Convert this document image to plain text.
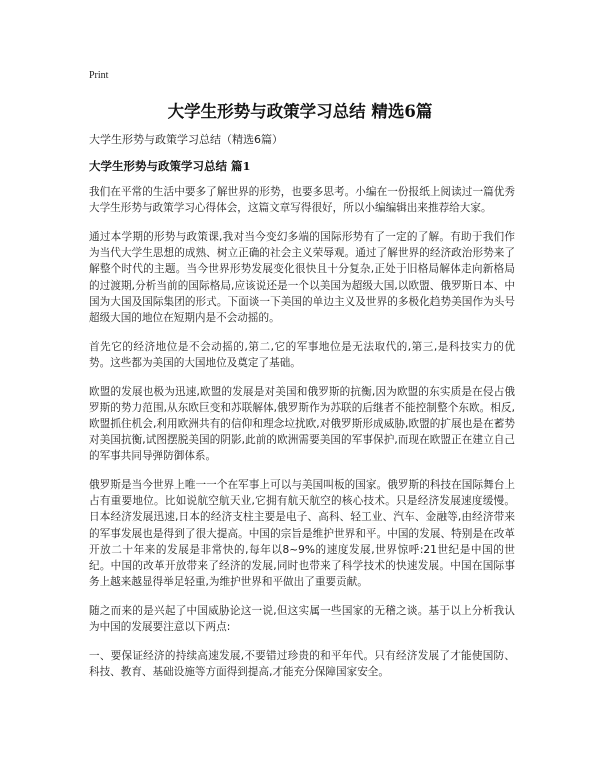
Print
大学生形势与政策学习总结 精选6篇
大学生形势与政策学习总结（精选6篇）
大学生形势与政策学习总结 篇1

我们在平常的生活中要多了解世界的形势，也要多思考。小编在一份报纸上阅读过一篇优秀大学生形势与政策学习心得体会，这篇文章写得很好，所以小编编辑出来推荐给大家。

通过本学期的形势与政策课,我对当今变幻多端的国际形势有了一定的了解。有助于我们作为当代大学生思想的成熟、树立正确的社会主义荣辱观。通过了解世界的经济政治形势来了解整个时代的主题。当今世界形势发展变化很快且十分复杂,正处于旧格局解体走向新格局的过渡期,分析当前的国际格局,应该说还是一个以美国为超级大国,以欧盟、俄罗斯日本、中国为大国及国际集团的形式。下面谈一下美国的单边主义及世界的多极化趋势美国作为头号超级大国的地位在短期内是不会动摇的。

首先它的经济地位是不会动摇的,第二,它的军事地位是无法取代的,第三,是科技实力的优势。这些都为美国的大国地位及奠定了基础。

欧盟的发展也极为迅速,欧盟的发展是对美国和俄罗斯的抗衡,因为欧盟的东实质是在侵占俄罗斯的势力范围,从东欧巨变和苏联解体,俄罗斯作为苏联的后继者不能控制整个东欧。相反,欧盟抓住机会,利用欧洲共有的信仰和理念垃扰欧,对俄罗斯形成威胁,欧盟的扩展也是在蓄势对美国抗衡,试图摆脱美国的阴影,此前的欧洲需要美国的军事保护,而现在欧盟正在建立自己的军事共同导弹防御体系。

俄罗斯是当今世界上唯一一个在军事上可以与美国叫板的国家。俄罗斯的科技在国际舞台上占有重要地位。比如说航空航天业,它拥有航天航空的核心技术。只是经济发展速度缓慢。日本经济发展迅速,日本的经济支柱主要是电子、高科、轻工业、汽车、金融等,由经济带来的军事发展也是得到了很大提高。中国的宗旨是维护世界和平。中国的发展、特别是在改革开放二十年来的发展是非常快的,每年以8~9%的速度发展,世界惊呼:21世纪是中国的世纪。中国的改革开放带来了经济的发展,同时也带来了科学技术的快速发展。中国在国际事务上越来越显得举足轻重,为维护世界和平做出了重要贡献。

随之而来的是兴起了中国威胁论这一说,但这实属一些国家的无稽之谈。基于以上分析我认为中国的发展要注意以下两点:

一、要保证经济的持续高速发展,不要错过珍贵的和平年代。只有经济发展了才能使国防、科技、教育、基础设施等方面得到提高,才能充分保障国家安全。
